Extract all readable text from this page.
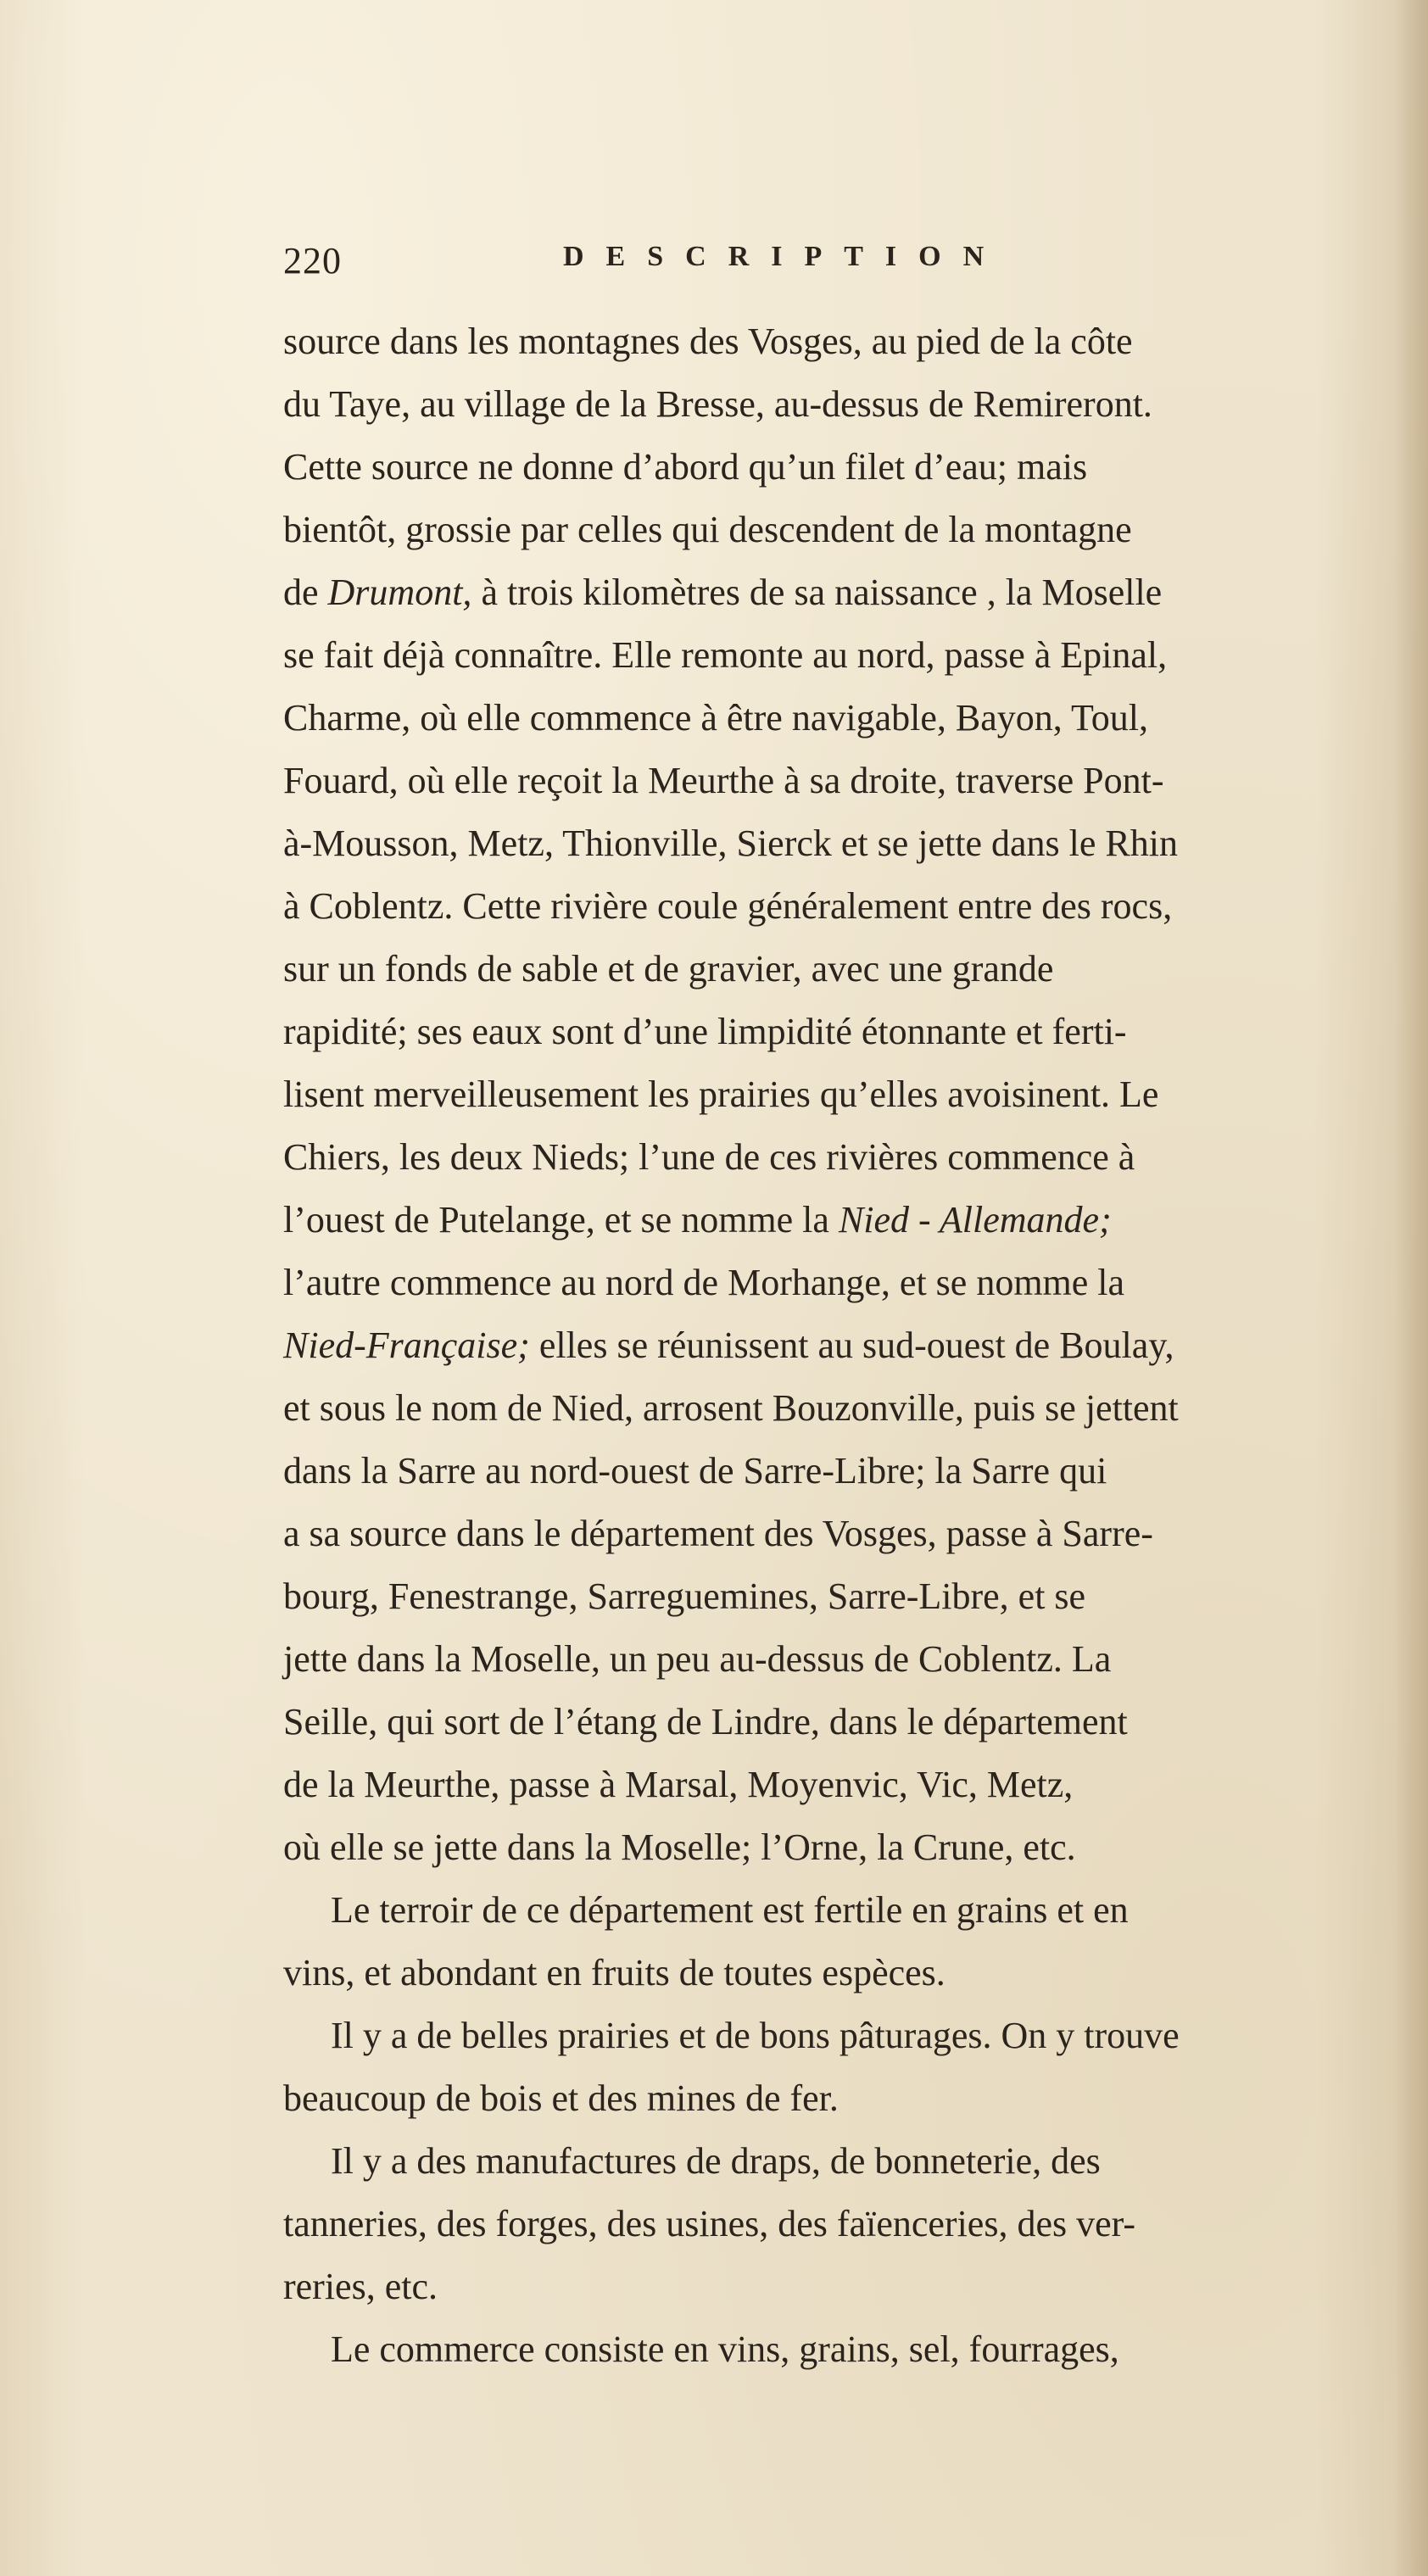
220	DESCRIPTION
source dans les montagnes des Vosges, au pied de la côte
du Taye, au village de la Bresse, au-dessus de Remireront.
Cette source ne donne d’abord qu’un filet d’eau; mais
bientôt, grossie par celles qui descendent de la montagne
de Drumont, à trois kilomètres de sa naissance , la Moselle
se fait déjà connaître. Elle remonte au nord, passe à Epinal,
Charme, où elle commence à être navigable, Bayon, Toul,
Fouard, où elle reçoit la Meurthe à sa droite, traverse Pont-
à-Mousson, Metz, Thionville, Sierck et se jette dans le Rhin
à Coblentz. Cette rivière coule généralement entre des rocs,
sur un fonds de sable et de gravier, avec une grande
rapidité; ses eaux sont d’une limpidité étonnante et ferti-
lisent merveilleusement les prairies qu’elles avoisinent. Le
Chiers, les deux Nieds; l’une de ces rivières commence à
l’ouest de Putelange, et se nomme la Nied - Allemande;
l’autre commence au nord de Morhange, et se nomme la
Nied-Française; elles se réunissent au sud-ouest de Boulay,
et sous le nom de Nied, arrosent Bouzonville, puis se jettent
dans la Sarre au nord-ouest de Sarre-Libre; la Sarre qui
a sa source dans le département des Vosges, passe à Sarre-
bourg, Fenestrange, Sarreguemines, Sarre-Libre, et se
jette dans la Moselle, un peu au-dessus de Coblentz. La
Seille, qui sort de l’étang de Lindre, dans le département
de la Meurthe, passe à Marsal, Moyenvic, Vic, Metz,
où elle se jette dans la Moselle; l’Orne, la Crune, etc.
Le terroir de ce département est fertile en grains et en
vins, et abondant en fruits de toutes espèces.
Il y a de belles prairies et de bons pâturages. On y trouve
beaucoup de bois et des mines de fer.
Il y a des manufactures de draps, de bonneterie, des
tanneries, des forges, des usines, des faïenceries, des ver-
reries, etc.
Le commerce consiste en vins, grains, sel, fourrages,
